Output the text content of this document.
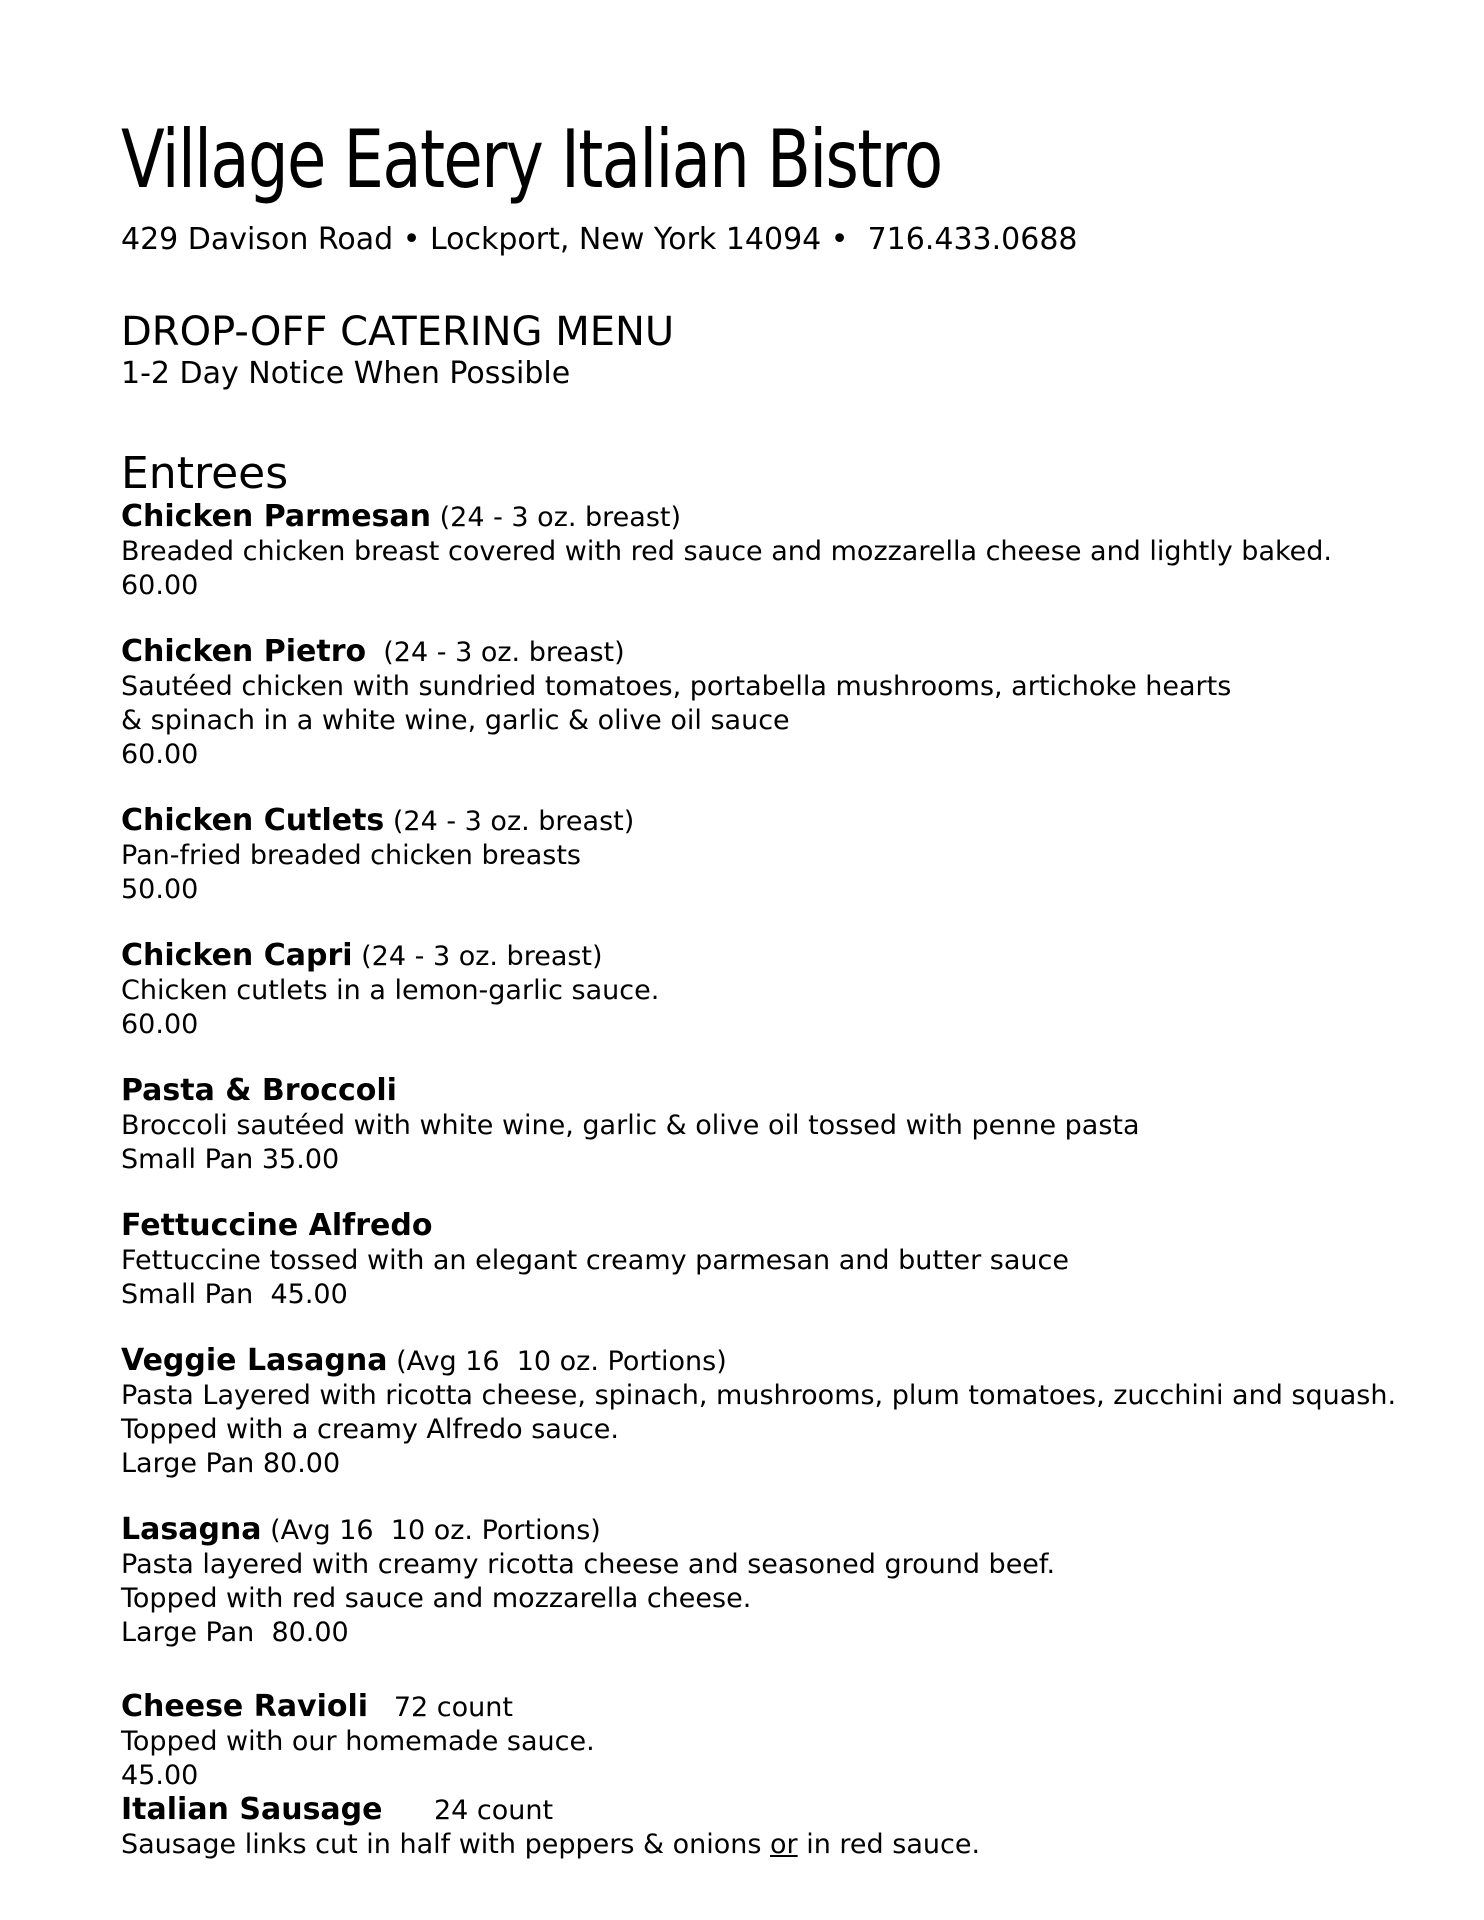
Village Eatery Italian Bistro
429 Davison Road • Lockport, New York 14094 •  716.433.0688
DROP-OFF CATERING MENU
1-2 Day Notice When Possible
Entrees
Chicken Parmesan (24 - 3 oz. breast)
Breaded chicken breast covered with red sauce and mozzarella cheese and lightly baked.
60.00
Chicken Pietro  (24 - 3 oz. breast)
Sautéed chicken with sundried tomatoes, portabella mushrooms, artichoke hearts
& spinach in a white wine, garlic & olive oil sauce
60.00
Chicken Cutlets (24 - 3 oz. breast)
Pan-fried breaded chicken breasts
50.00
Chicken Capri (24 - 3 oz. breast)
Chicken cutlets in a lemon-garlic sauce.
60.00
Pasta & Broccoli
Broccoli sautéed with white wine, garlic & olive oil tossed with penne pasta
Small Pan 35.00
Fettuccine Alfredo
Fettuccine tossed with an elegant creamy parmesan and butter sauce
Small Pan  45.00
Veggie Lasagna (Avg 16  10 oz. Portions)
Pasta Layered with ricotta cheese, spinach, mushrooms, plum tomatoes, zucchini and squash.
Topped with a creamy Alfredo sauce.
Large Pan 80.00
Lasagna (Avg 16  10 oz. Portions)
Pasta layered with creamy ricotta cheese and seasoned ground beef.
Topped with red sauce and mozzarella cheese.
Large Pan  80.00
Cheese Ravioli   72 count
Topped with our homemade sauce.
45.00
Italian Sausage      24 count
Sausage links cut in half with peppers & onions or in red sauce.
